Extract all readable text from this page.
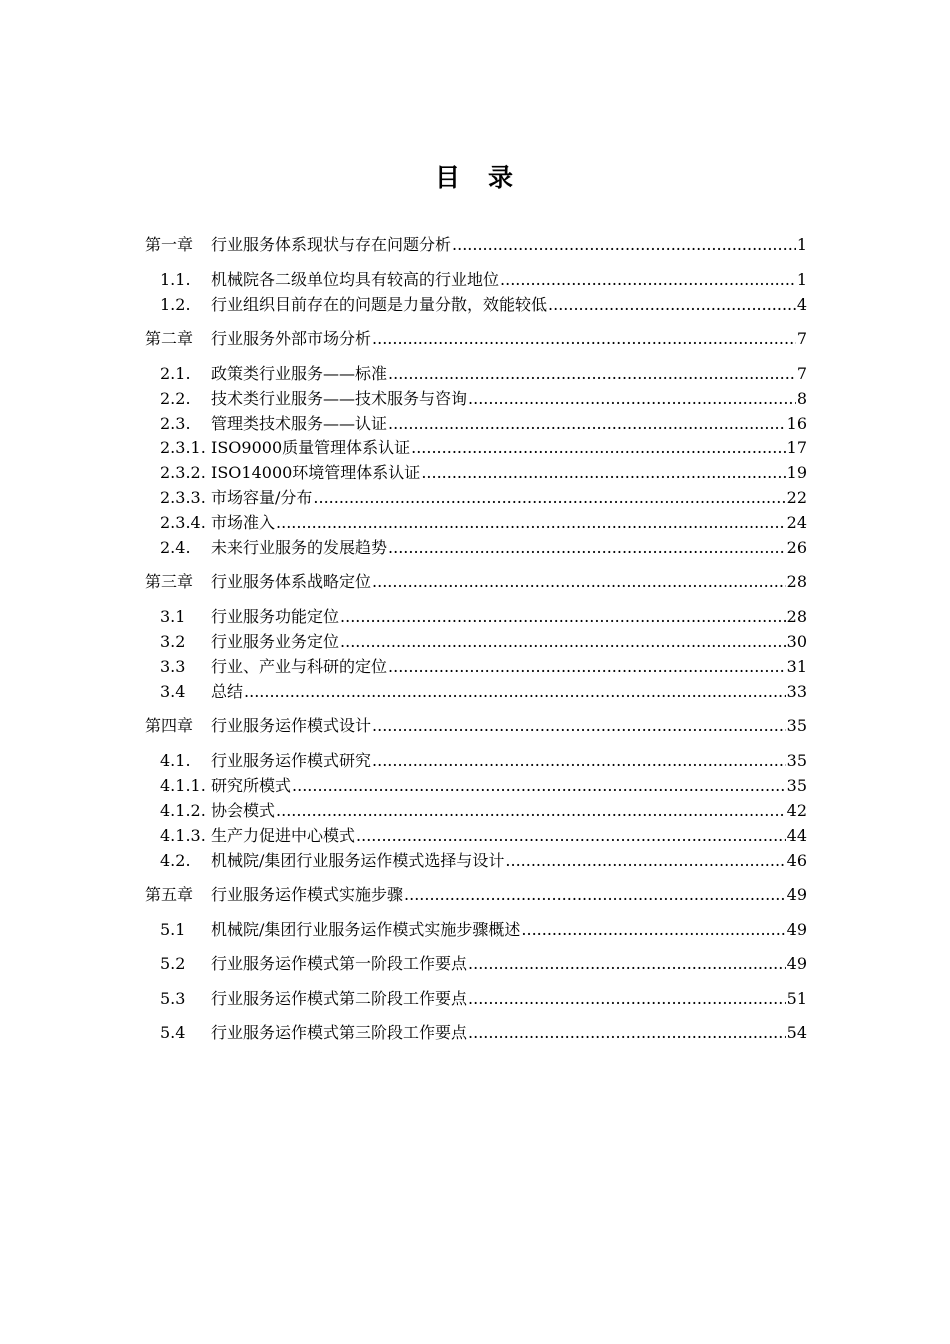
目 录
第一章	行业服务体系现状与存在问题分析 .....	1
1.1.	机械院各二级单位均具有较高的行业地位 .....	1
1.2.	行业组织目前存在的问题是力量分散，效能较低 .....	4
第二章	行业服务外部市场分析 .....	7
2.1.	政策类行业服务——标准 .....	7
2.2.	技术类行业服务——技术服务与咨询 .....	8
2.3.	管理类技术服务——认证 .....	16
2.3.1. ISO9000质量管理体系认证 .....	17
2.3.2. ISO14000环境管理体系认证 .....	19
2.3.3. 市场容量/分布 .....	22
2.3.4. 市场准入 .....	24
2.4.	未来行业服务的发展趋势 .....	26
第三章	行业服务体系战略定位 .....	28
3.1	行业服务功能定位 .....	28
3.2	行业服务业务定位 .....	30
3.3	行业、产业与科研的定位 .....	31
3.4	总结 .....	33
第四章	行业服务运作模式设计 .....	35
4.1.	行业服务运作模式研究 .....	35
4.1.1. 研究所模式 .....	35
4.1.2. 协会模式 .....	42
4.1.3. 生产力促进中心模式 .....	44
4.2.	机械院/集团行业服务运作模式选择与设计 .....	46
第五章	行业服务运作模式实施步骤 .....	49
5.1	机械院/集团行业服务运作模式实施步骤概述 .....	49
5.2	行业服务运作模式第一阶段工作要点 .....	49
5.3	行业服务运作模式第二阶段工作要点 .....	51
5.4	行业服务运作模式第三阶段工作要点 .....	54
